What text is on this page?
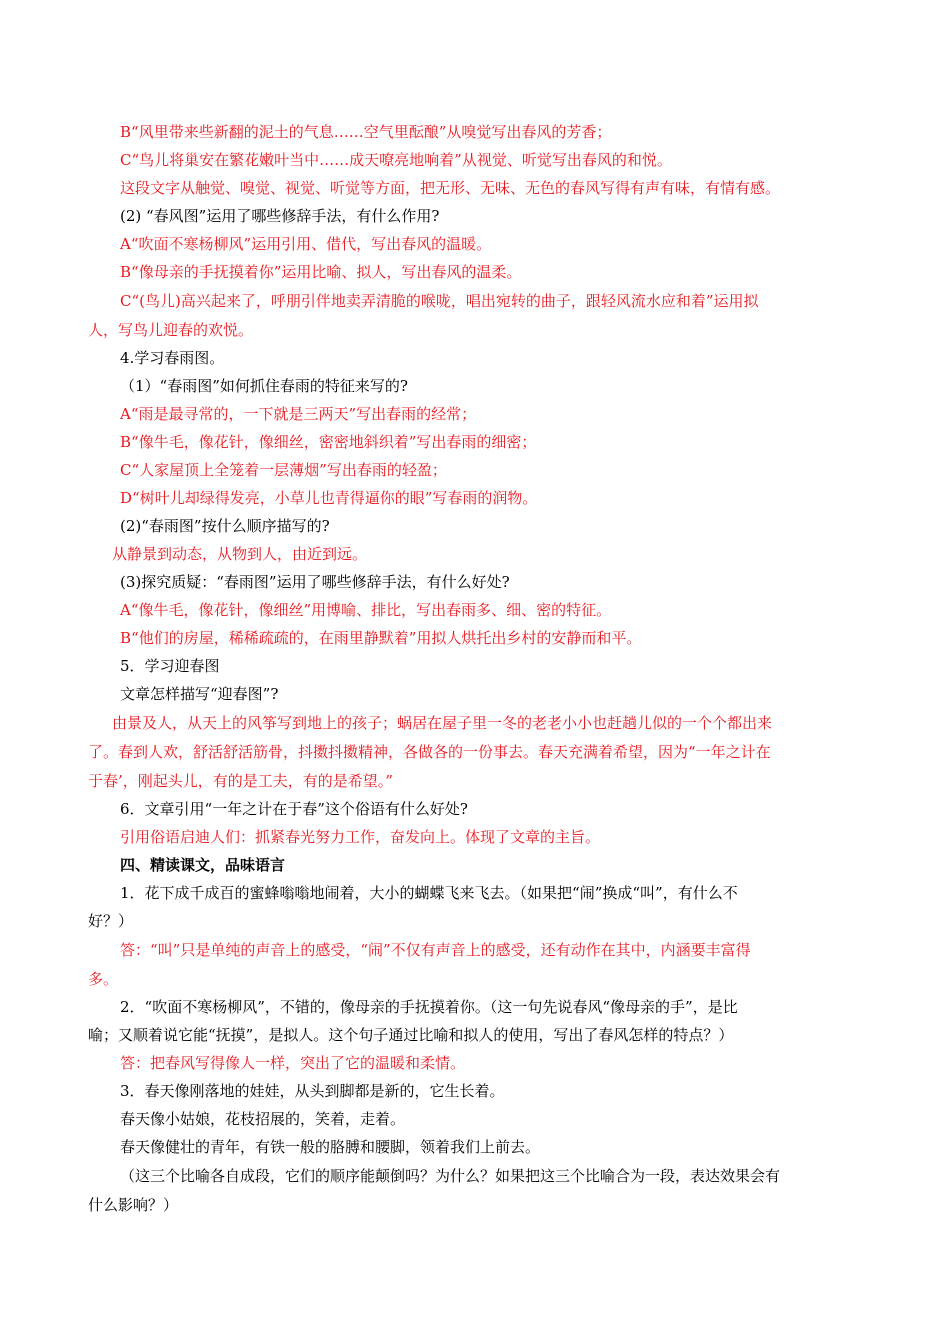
B“风里带来些新翻的泥土的气息……空气里酝酿”从嗅觉写出春风的芳香；
C“鸟儿将巢安在繁花嫩叶当中……成天嘹亮地响着”从视觉、听觉写出春风的和悦。
这段文字从触觉、嗅觉、视觉、听觉等方面，把无形、无味、无色的春风写得有声有味，有情有感。
(2) “春风图”运用了哪些修辞手法，有什么作用?
A“吹面不寒杨柳风”运用引用、借代，写出春风的温暖。
B“像母亲的手抚摸着你”运用比喻、拟人，写出春风的温柔。
C“(鸟儿)高兴起来了，呼朋引伴地卖弄清脆的喉咙，唱出宛转的曲子，跟轻风流水应和着”运用拟
人，写鸟儿迎春的欢悦。
4.学习春雨图。
（1）“春雨图”如何抓住春雨的特征来写的?
A“雨是最寻常的，一下就是三两天”写出春雨的经常；
B“像牛毛，像花针，像细丝，密密地斜织着”写出春雨的细密；
C“人家屋顶上全笼着一层薄烟”写出春雨的轻盈；
D“树叶儿却绿得发亮，小草儿也青得逼你的眼”写春雨的润物。
(2)“春雨图”按什么顺序描写的?
从静景到动态，从物到人，由近到远。
(3)探究质疑：“春雨图”运用了哪些修辞手法，有什么好处?
A“像牛毛，像花针，像细丝”用博喻、排比，写出春雨多、细、密的特征。
B“他们的房屋，稀稀疏疏的，在雨里静默着”用拟人烘托出乡村的安静而和平。
5．学习迎春图
文章怎样描写“迎春图”?
由景及人，从天上的风筝写到地上的孩子；蜗居在屋子里一冬的老老小小也赶趟儿似的一个个都出来
了。春到人欢，舒活舒活筋骨，抖擞抖擞精神，各做各的一份事去。春天充满着希望，因为“一年之计在
于春’，刚起头儿，有的是工夫，有的是希望。”
6．文章引用“一年之计在于春”这个俗语有什么好处?
引用俗语启迪人们：抓紧春光努力工作，奋发向上。体现了文章的主旨。
四、精读课文，品味语言
1．花下成千成百的蜜蜂嗡嗡地闹着，大小的蝴蝶飞来飞去。（如果把“闹”换成“叫”，有什么不
好？）
答：“叫”只是单纯的声音上的感受，“闹”不仅有声音上的感受，还有动作在其中，内涵要丰富得
多。
2．“吹面不寒杨柳风”，不错的，像母亲的手抚摸着你。（这一句先说春风“像母亲的手”，是比
喻；又顺着说它能“抚摸”，是拟人。这个句子通过比喻和拟人的使用，写出了春风怎样的特点？）
答：把春风写得像人一样，突出了它的温暖和柔情。
3．春天像刚落地的娃娃，从头到脚都是新的，它生长着。
春天像小姑娘，花枝招展的，笑着，走着。
春天像健壮的青年，有铁一般的胳膊和腰脚，领着我们上前去。
（这三个比喻各自成段，它们的顺序能颠倒吗？为什么？如果把这三个比喻合为一段，表达效果会有
什么影响？）
